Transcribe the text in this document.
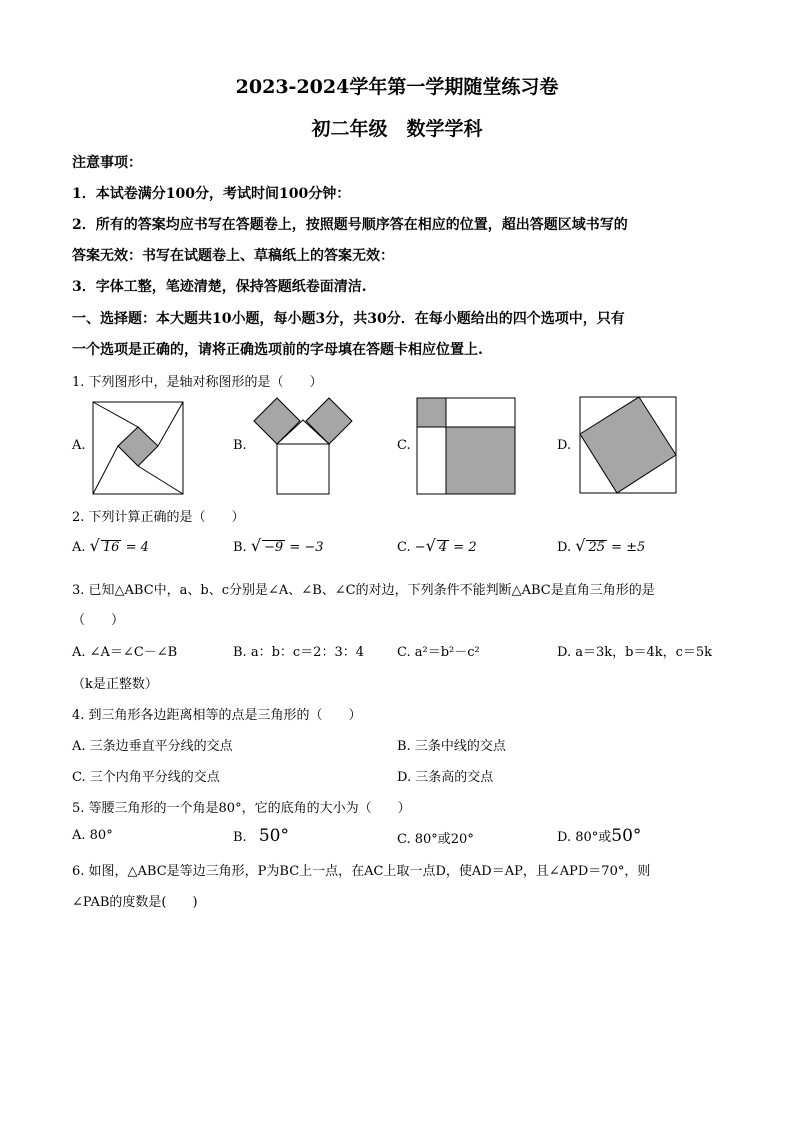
2023-2024学年第一学期随堂练习卷
初二年级　数学学科
注意事项：
1．本试卷满分100分，考试时间100分钟：
2．所有的答案均应书写在答题卷上，按照题号顺序答在相应的位置，超出答题区域书写的
答案无效：书写在试题卷上、草稿纸上的答案无效：
3．字体工整，笔迹清楚，保持答题纸卷面清洁.
一、选择题：本大题共10小题，每小题3分，共30分．在每小题给出的四个选项中，只有
一个选项是正确的，请将正确选项前的字母填在答题卡相应位置上.
1. 下列图形中，是轴对称图形的是（　　）
A.	B.	C.	D.
2. 下列计算正确的是（　　）
A. √ 16 = 4	B. √ −9 = −3	C. −√ 4 = 2	D. √ 25 = ±5
3. 已知△ABC中，a、b、c分别是∠A、∠B、∠C的对边，下列条件不能判断△ABC是直角三角形的是
（　　）
A. ∠A＝∠C－∠B	B. a：b：c＝2：3：4	C. a²＝b²－c²	D. a＝3k，b＝4k，c＝5k
（k是正整数）
4. 到三角形各边距离相等的点是三角形的（　　）
A. 三条边垂直平分线的交点	B. 三条中线的交点
C. 三个内角平分线的交点	D. 三条高的交点
5. 等腰三角形的一个角是80°，它的底角的大小为（　　）
A. 80°	B. 50°	C. 80°或20°	D. 80°或50°
6. 如图，△ABC是等边三角形，P为BC上一点，在AC上取一点D，使AD＝AP，且∠APD＝70°，则
∠PAB的度数是(　　)
